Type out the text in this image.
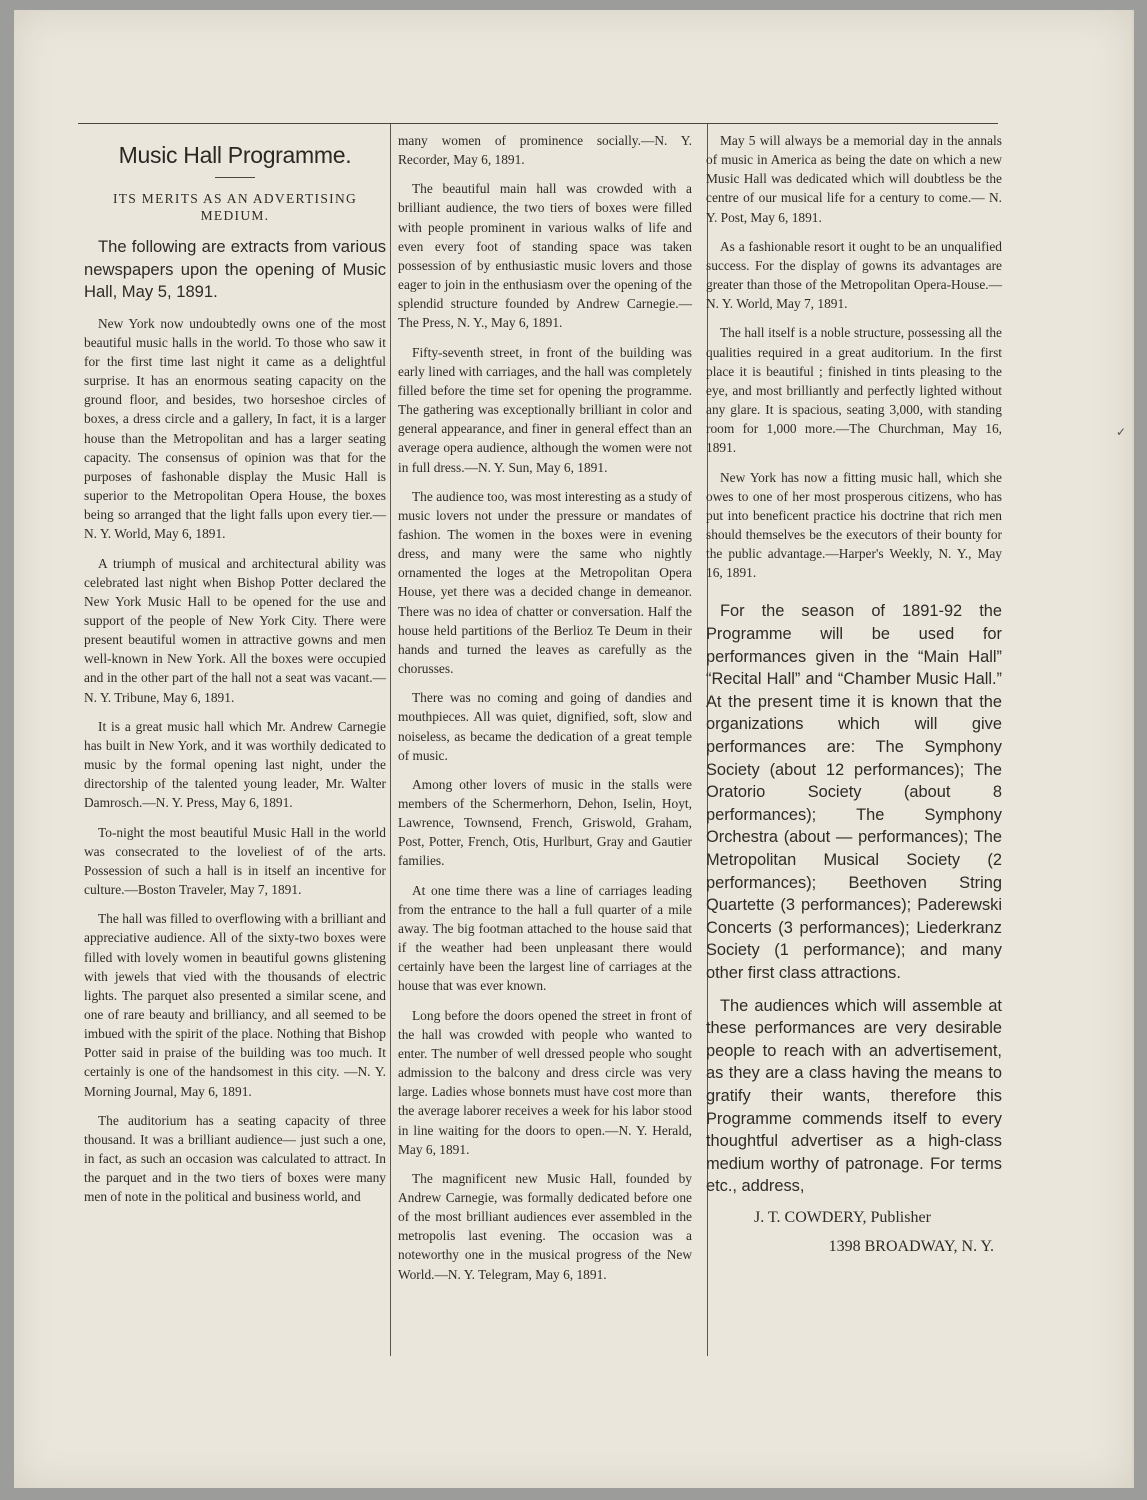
Music Hall Programme.
ITS MERITS AS AN ADVERTISING MEDIUM.

The following are extracts from various newspapers upon the opening of Music Hall, May 5, 1891.

New York now undoubtedly owns one of the most beautiful music halls in the world. To those who saw it for the first time last night it came as a delightful surprise. It has an enormous seating capacity on the ground floor, and besides, two horseshoe circles of boxes, a dress circle and a gallery, In fact, it is a larger house than the Metropolitan and has a larger seating capacity. The consensus of opinion was that for the purposes of fashonable display the Music Hall is superior to the Metropolitan Opera House, the boxes being so arranged that the light falls upon every tier.—N. Y. World, May 6, 1891.

A triumph of musical and architectural ability was celebrated last night when Bishop Potter declared the New York Music Hall to be opened for the use and support of the people of New York City. There were present beautiful women in attractive gowns and men well-known in New York. All the boxes were occupied and in the other part of the hall not a seat was vacant.—N. Y. Tribune, May 6, 1891.

It is a great music hall which Mr. Andrew Carnegie has built in New York, and it was worthily dedicated to music by the formal opening last night, under the directorship of the talented young leader, Mr. Walter Damrosch.—N. Y. Press, May 6, 1891.

To-night the most beautiful Music Hall in the world was consecrated to the loveliest of of the arts. Possession of such a hall is in itself an incentive for culture.—Boston Traveler, May 7, 1891.

The hall was filled to overflowing with a brilliant and appreciative audience. All of the sixty-two boxes were filled with lovely women in beautiful gowns glistening with jewels that vied with the thousands of electric lights. The parquet also presented a similar scene, and one of rare beauty and brilliancy, and all seemed to be imbued with the spirit of the place. Nothing that Bishop Potter said in praise of the building was too much. It certainly is one of the handsomest in this city. —N. Y. Morning Journal, May 6, 1891.

The auditorium has a seating capacity of three thousand. It was a brilliant audience— just such a one, in fact, as such an occasion was calculated to attract. In the parquet and in the two tiers of boxes were many men of note in the political and business world, and

many women of prominence socially.—N. Y. Recorder, May 6, 1891.

The beautiful main hall was crowded with a brilliant audience, the two tiers of boxes were filled with people prominent in various walks of life and even every foot of standing space was taken possession of by enthusiastic music lovers and those eager to join in the enthusiasm over the opening of the splendid structure founded by Andrew Carnegie.— The Press, N. Y., May 6, 1891.

Fifty-seventh street, in front of the building was early lined with carriages, and the hall was completely filled before the time set for opening the programme. The gathering was exceptionally brilliant in color and general appearance, and finer in general effect than an average opera audience, although the women were not in full dress.—N. Y. Sun, May 6, 1891.

The audience too, was most interesting as a study of music lovers not under the pressure or mandates of fashion. The women in the boxes were in evening dress, and many were the same who nightly ornamented the loges at the Metropolitan Opera House, yet there was a decided change in demeanor. There was no idea of chatter or conversation. Half the house held partitions of the Berlioz Te Deum in their hands and turned the leaves as carefully as the chorusses.

There was no coming and going of dandies and mouthpieces. All was quiet, dignified, soft, slow and noiseless, as became the dedication of a great temple of music.

Among other lovers of music in the stalls were members of the Schermerhorn, Dehon, Iselin, Hoyt, Lawrence, Townsend, French, Griswold, Graham, Post, Potter, French, Otis, Hurlburt, Gray and Gautier families.

At one time there was a line of carriages leading from the entrance to the hall a full quarter of a mile away. The big footman attached to the house said that if the weather had been unpleasant there would certainly have been the largest line of carriages at the house that was ever known.

Long before the doors opened the street in front of the hall was crowded with people who wanted to enter. The number of well dressed people who sought admission to the balcony and dress circle was very large. Ladies whose bonnets must have cost more than the average laborer receives a week for his labor stood in line waiting for the doors to open.—N. Y. Herald, May 6, 1891.

The magnificent new Music Hall, founded by Andrew Carnegie, was formally dedicated before one of the most brilliant audiences ever assembled in the metropolis last evening. The occasion was a noteworthy one in the musical progress of the New World.—N. Y. Telegram, May 6, 1891.

May 5 will always be a memorial day in the annals of music in America as being the date on which a new Music Hall was dedicated which will doubtless be the centre of our musical life for a century to come.— N. Y. Post, May 6, 1891.

As a fashionable resort it ought to be an unqualified success. For the display of gowns its advantages are greater than those of the Metropolitan Opera-House.—N. Y. World, May 7, 1891.

The hall itself is a noble structure, possessing all the qualities required in a great auditorium. In the first place it is beautiful ; finished in tints pleasing to the eye, and most brilliantly and perfectly lighted without any glare. It is spacious, seating 3,000, with standing room for 1,000 more.—The Churchman, May 16, 1891.

New York has now a fitting music hall, which she owes to one of her most prosperous citizens, who has put into beneficent practice his doctrine that rich men should themselves be the executors of their bounty for the public advantage.—Harper's Weekly, N. Y., May 16, 1891.

For the season of 1891-92 the Programme will be used for performances given in the “Main Hall” “Recital Hall” and “Chamber Music Hall.” At the present time it is known that the organizations which will give performances are: The Symphony Society (about 12 performances); The Oratorio Society (about 8 performances); The Symphony Orchestra (about — performances); The Metropolitan Musical Society (2 performances); Beethoven String Quartette (3 performances); Paderewski Concerts (3 performances); Liederkranz Society (1 performance); and many other first class attractions.

The audiences which will assemble at these performances are very desirable people to reach with an advertisement, as they are a class having the means to gratify their wants, therefore this Programme commends itself to every thoughtful advertiser as a high-class medium worthy of patronage. For terms etc., address,

J. T. COWDERY, Publisher

1398 BROADWAY, N. Y.

✓
